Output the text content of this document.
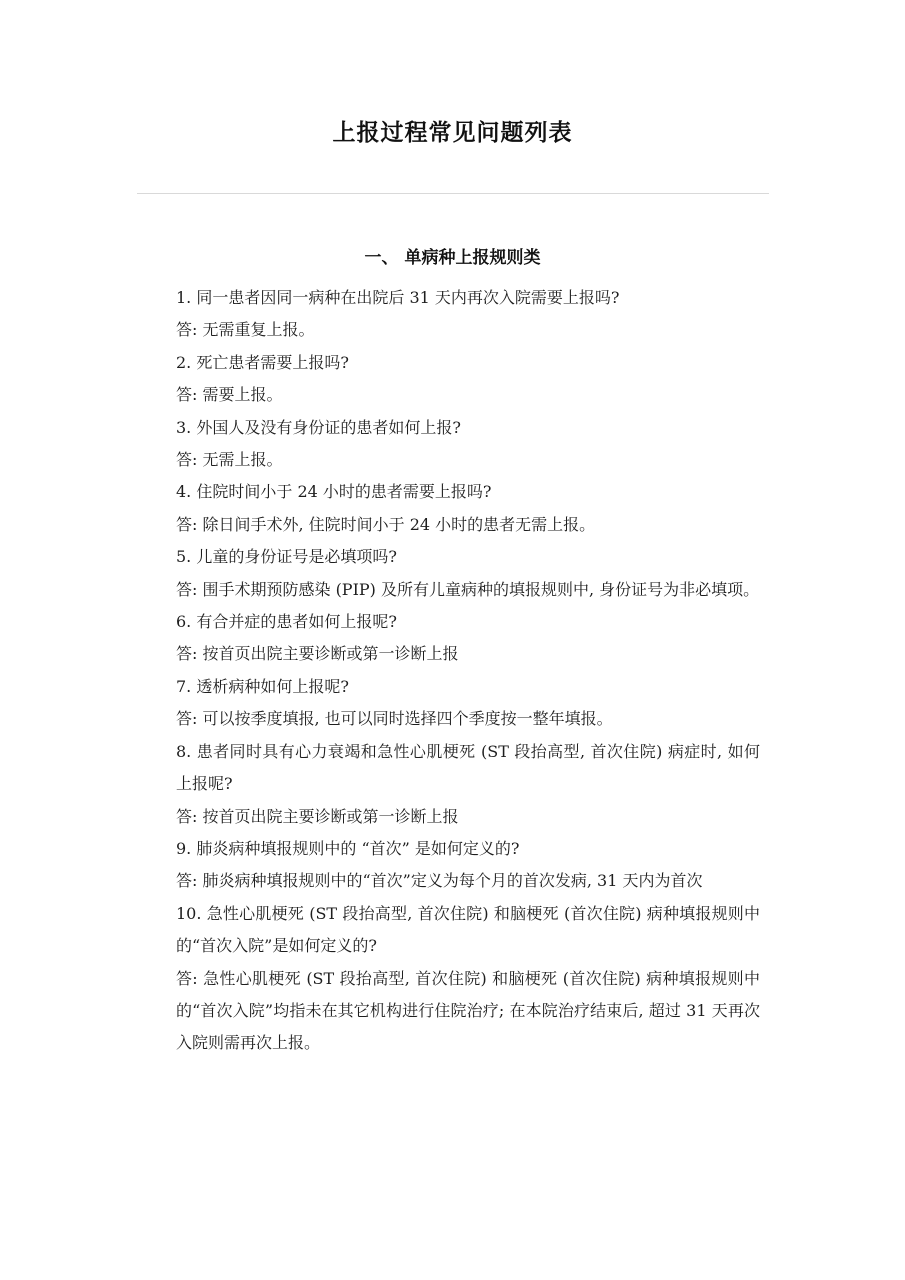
上报过程常见问题列表
一、 单病种上报规则类

1. 同一患者因同一病种在出院后 31 天内再次入院需要上报吗?

答: 无需重复上报。

2. 死亡患者需要上报吗?

答: 需要上报。

3. 外国人及没有身份证的患者如何上报?

答: 无需上报。

4. 住院时间小于 24 小时的患者需要上报吗?

答: 除日间手术外, 住院时间小于 24 小时的患者无需上报。

5. 儿童的身份证号是必填项吗?

答: 围手术期预防感染 (PIP) 及所有儿童病种的填报规则中, 身份证号为非必填项。

6. 有合并症的患者如何上报呢?

答: 按首页出院主要诊断或第一诊断上报

7. 透析病种如何上报呢?

答: 可以按季度填报, 也可以同时选择四个季度按一整年填报。

8. 患者同时具有心力衰竭和急性心肌梗死 (ST 段抬高型, 首次住院) 病症时, 如何上报呢?

答: 按首页出院主要诊断或第一诊断上报

9. 肺炎病种填报规则中的 “首次” 是如何定义的?

答: 肺炎病种填报规则中的“首次”定义为每个月的首次发病, 31 天内为首次

10. 急性心肌梗死 (ST 段抬高型, 首次住院) 和脑梗死 (首次住院) 病种填报规则中的“首次入院”是如何定义的?

答: 急性心肌梗死 (ST 段抬高型, 首次住院) 和脑梗死 (首次住院) 病种填报规则中的“首次入院”均指未在其它机构进行住院治疗; 在本院治疗结束后, 超过 31 天再次入院则需再次上报。
